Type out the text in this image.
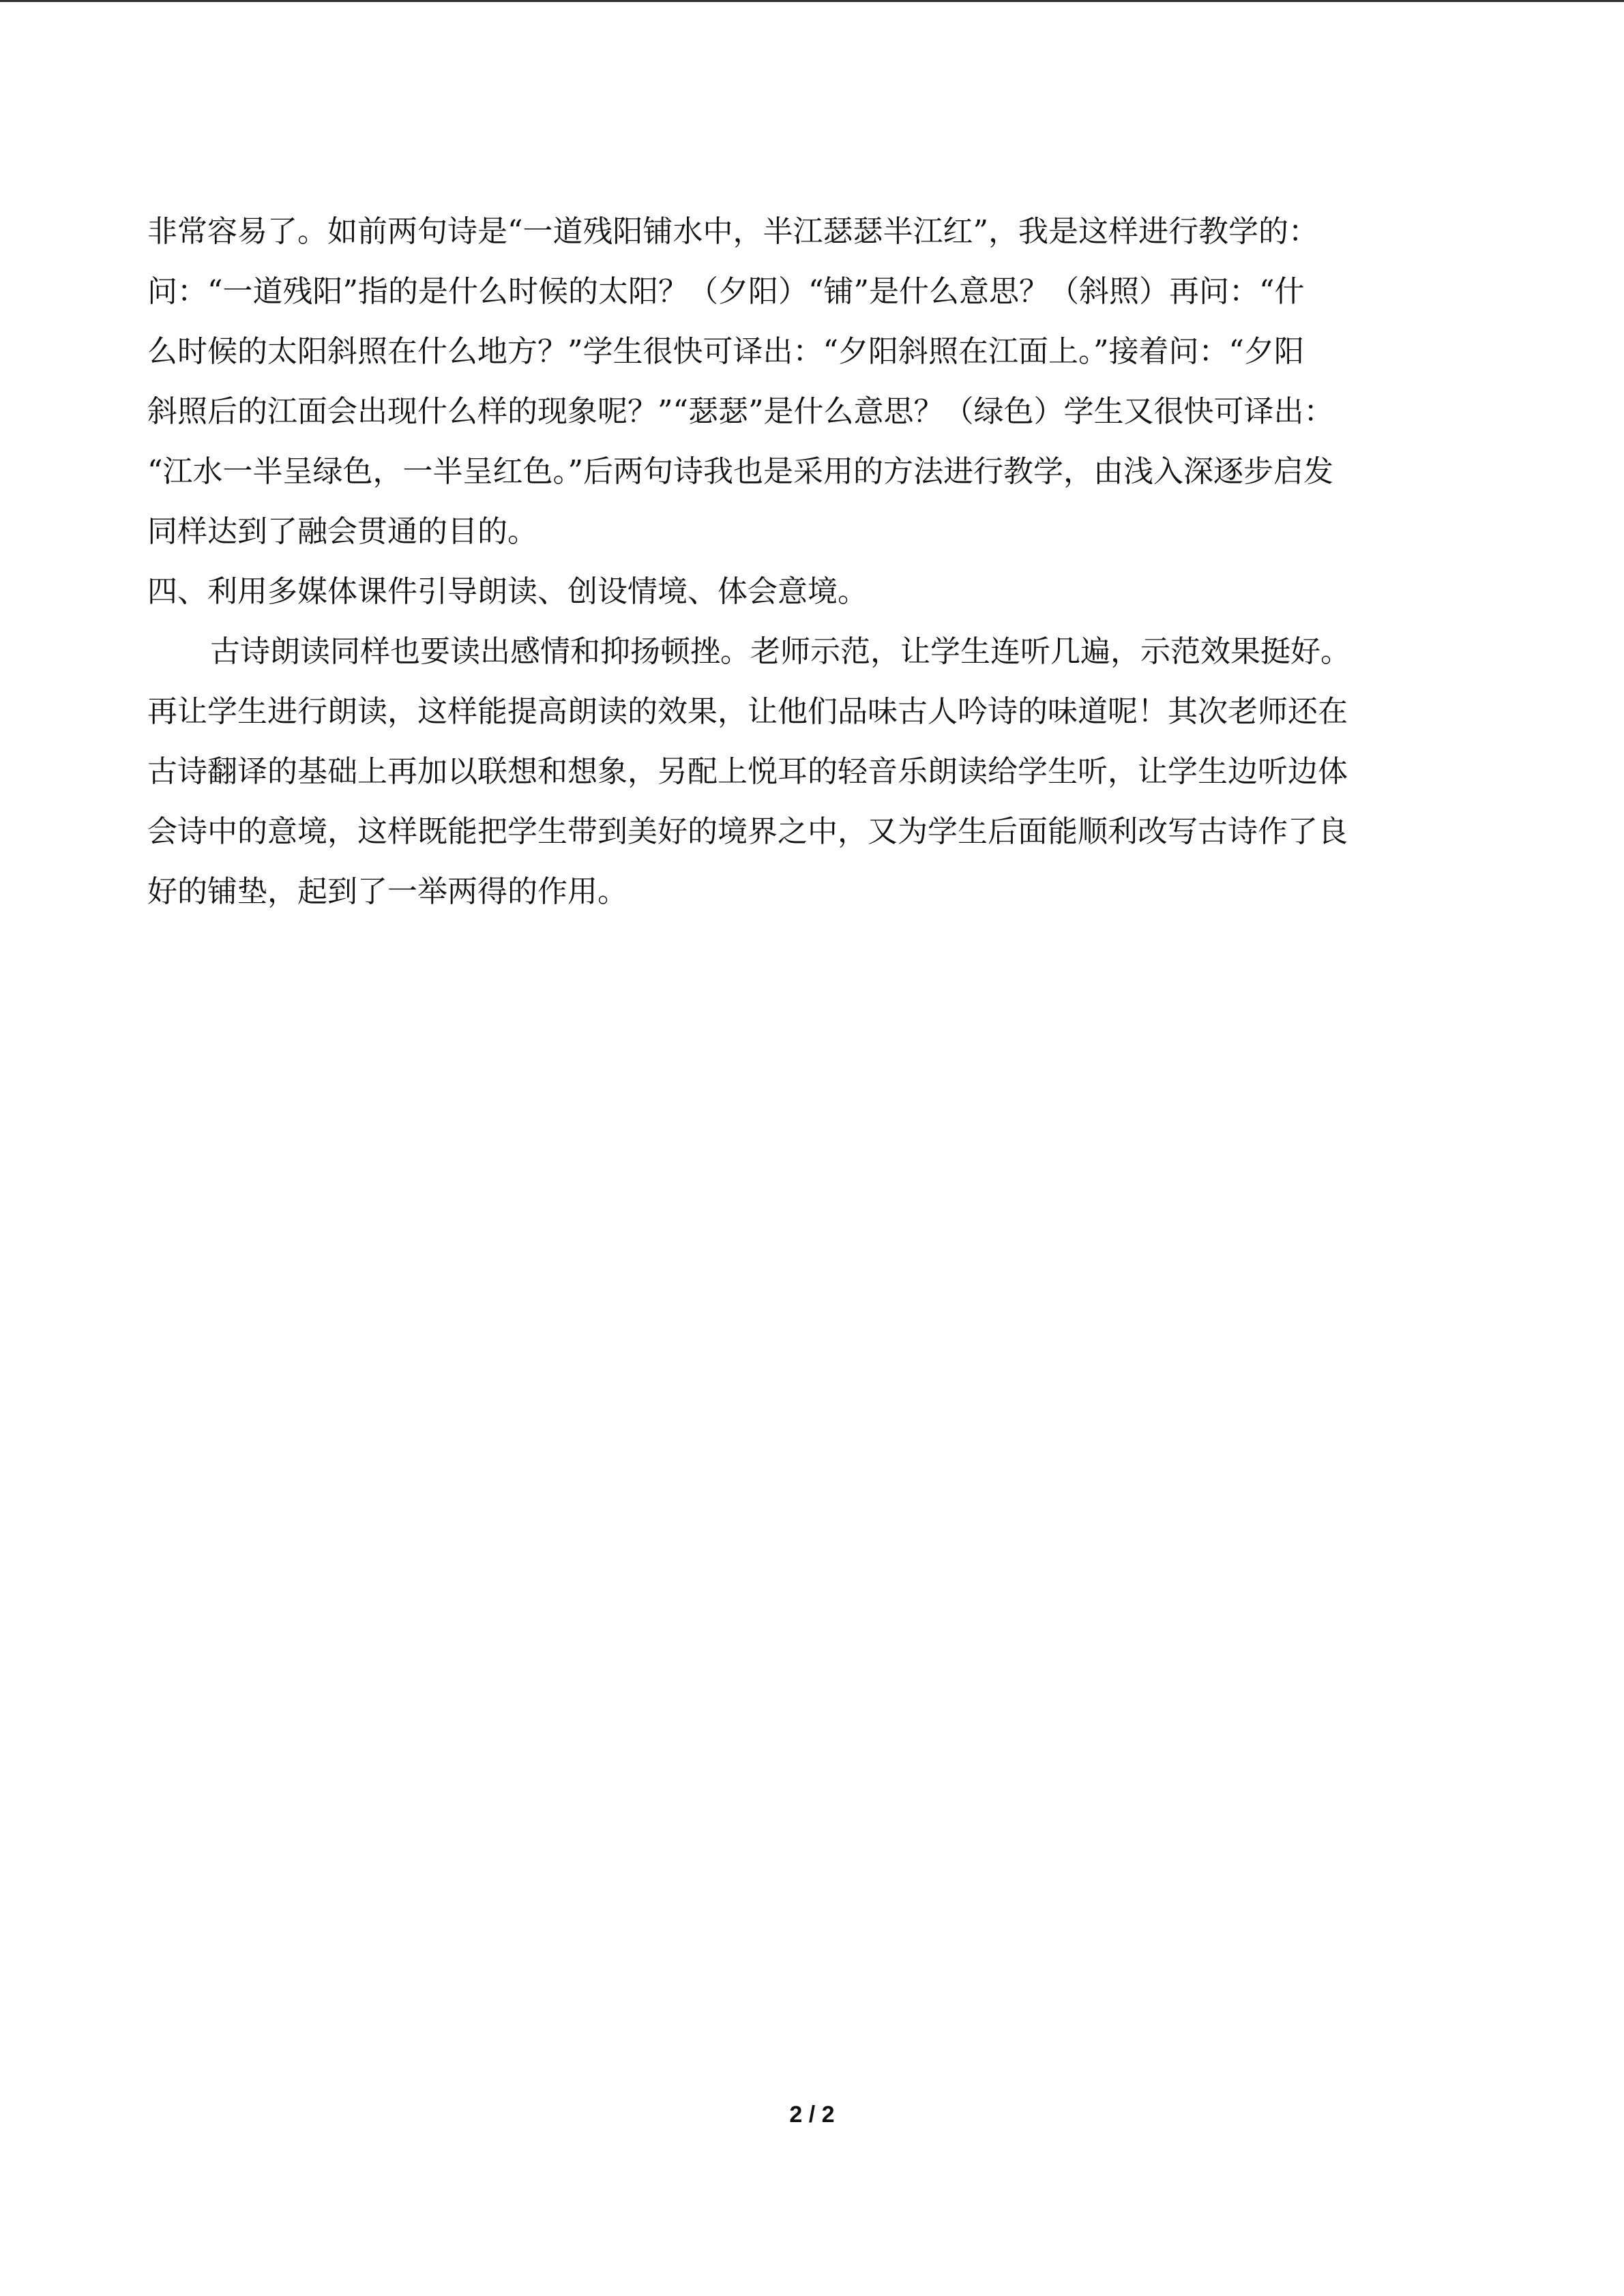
非常容易了。如前两句诗是“一道残阳铺水中，半江瑟瑟半江红”，我是这样进行教学的：
问：“一道残阳”指的是什么时候的太阳？（夕阳）“铺”是什么意思？（斜照）再问：“什
么时候的太阳斜照在什么地方？”学生很快可译出：“夕阳斜照在江面上。”接着问：“夕阳
斜照后的江面会出现什么样的现象呢？”“瑟瑟”是什么意思？（绿色）学生又很快可译出：
“江水一半呈绿色，一半呈红色。”后两句诗我也是采用的方法进行教学，由浅入深逐步启发
同样达到了融会贯通的目的。
四、利用多媒体课件引导朗读、创设情境、体会意境。
古诗朗读同样也要读出感情和抑扬顿挫。老师示范，让学生连听几遍，示范效果挺好。
再让学生进行朗读，这样能提高朗读的效果，让他们品味古人吟诗的味道呢！其次老师还在
古诗翻译的基础上再加以联想和想象，另配上悦耳的轻音乐朗读给学生听，让学生边听边体
会诗中的意境，这样既能把学生带到美好的境界之中，又为学生后面能顺利改写古诗作了良
好的铺垫，起到了一举两得的作用。
2 / 2
